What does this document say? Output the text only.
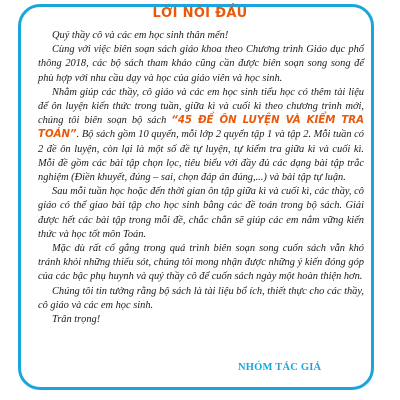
LỜI NÓI ĐẦU

Quý thầy cô và các em học sinh thân mến!

Cùng với việc biên soạn sách giáo khoa theo Chương trình Giáo dục phổ thông 2018, các bộ sách tham khảo cũng cần được biên soạn song song để phù hợp với nhu cầu dạy và học của giáo viên và học sinh.

Nhằm giúp các thầy, cô giáo và các em học sinh tiểu học có thêm tài liệu để ôn luyện kiến thức trong tuần, giữa kì và cuối kì theo chương trình mới, chúng tôi biên soạn bộ sách “45 ĐỀ ÔN LUYỆN VÀ KIỂM TRA TOÁN”. Bộ sách gồm 10 quyển, mỗi lớp 2 quyển tập 1 và tập 2. Mỗi tuần có 2 đề ôn luyện, còn lại là một số đề tự luyện, tự kiểm tra giữa kì và cuối kì. Mỗi đề gồm các bài tập chọn lọc, tiêu biểu với đầy đủ các dạng bài tập trắc nghiệm (Điền khuyết, đúng – sai, chọn đáp án đúng,...) và bài tập tự luận.

Sau mỗi tuần học hoặc đến thời gian ôn tập giữa kì và cuối kì, các thầy, cô giáo có thể giao bài tập cho học sinh bằng các đề toán trong bộ sách. Giải được hết các bài tập trong mỗi đề, chắc chắn sẽ giúp các em nắm vững kiến thức và học tốt môn Toán.

Mặc dù rất cố gắng trong quá trình biên soạn song cuốn sách vẫn khó tránh khỏi những thiếu sót, chúng tôi mong nhận được những ý kiến đóng góp của các bậc phụ huynh và quý thầy cô để cuốn sách ngày một hoàn thiện hơn.

Chúng tôi tin tưởng rằng bộ sách là tài liệu bổ ích, thiết thực cho các thầy, cô giáo và các em học sinh.

Trân trọng!

NHÓM TÁC GIẢ
